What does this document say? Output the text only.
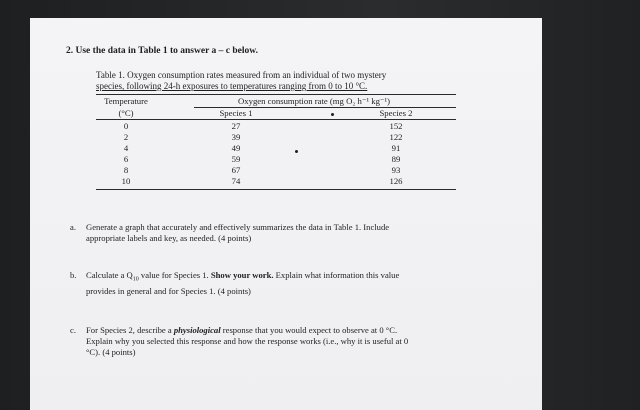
2. Use the data in Table 1 to answer a – c below.
Table 1. Oxygen consumption rates measured from an individual of two mystery
species, following 24-h exposures to temperatures ranging from 0 to 10 °C.
Temperature	Oxygen consumption rate (mg O₂ h⁻¹ kg⁻¹)
(°C)	Species 1	Species 2
0	27	152
2	39	122
4	49	91
6	59	89
8	67	93
10	74	126
a. Generate a graph that accurately and effectively summarizes the data in Table 1. Include
appropriate labels and key, as needed. (4 points)
b. Calculate a $Q_{10}$ value for Species 1. Show your work. Explain what information this value
provides in general and for Species 1. (4 points)
c. For Species 2, describe a physiological response that you would expect to observe at 0 °C.
Explain why you selected this response and how the response works (i.e., why it is useful at 0
°C). (4 points)
